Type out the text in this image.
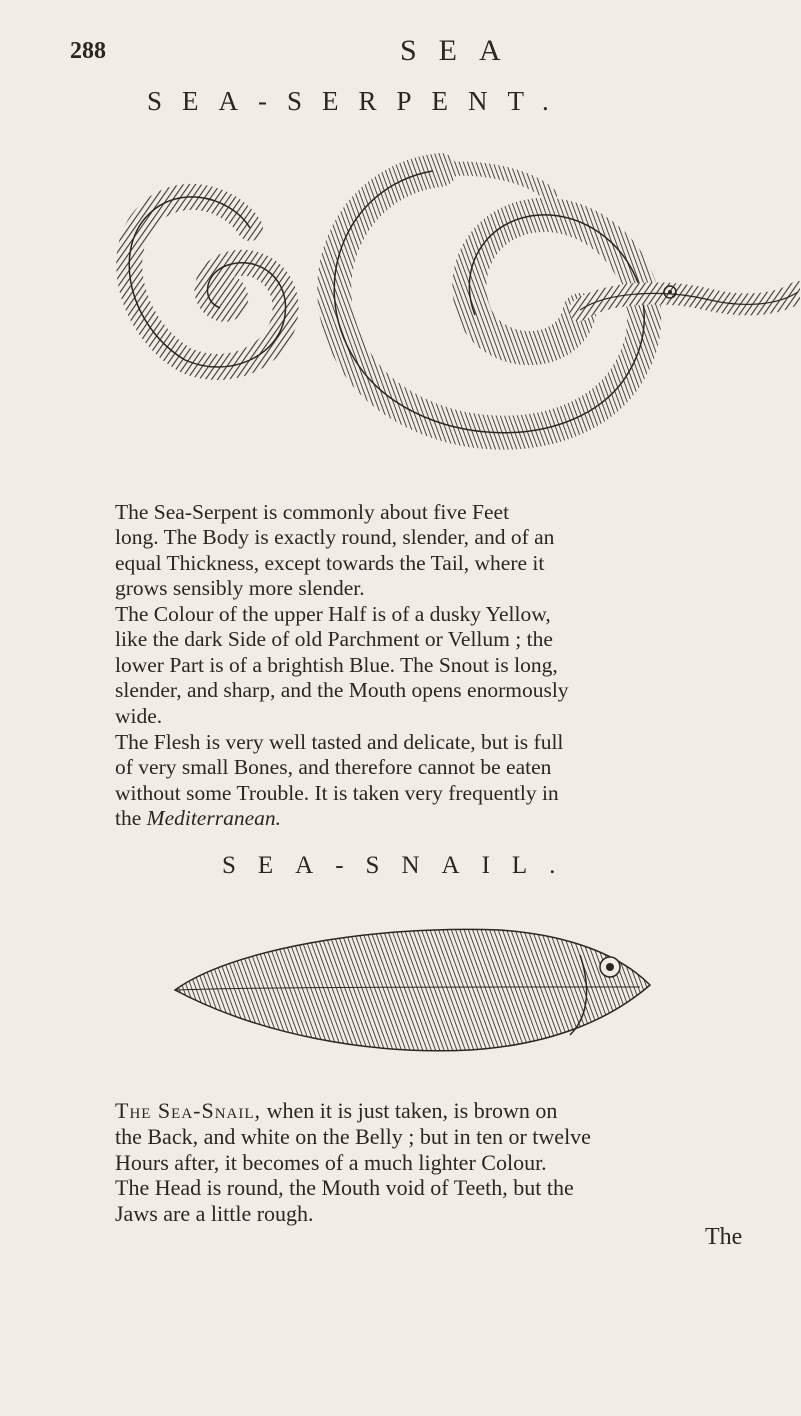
288	SEA
SEA-SERPENT.

The Sea-Serpent is commonly about five Feet
long. The Body is exactly round, slender, and of an
equal Thickness, except towards the Tail, where it
grows sensibly more slender.

The Colour of the upper Half is of a dusky Yellow,
like the dark Side of old Parchment or Vellum ; the
lower Part is of a brightish Blue. The Snout is long,
slender, and sharp, and the Mouth opens enormously
wide.

The Flesh is very well tasted and delicate, but is full
of very small Bones, and therefore cannot be eaten
without some Trouble. It is taken very frequently in
the Mediterranean.

SEA-SNAIL.

The Sea-Snail, when it is just taken, is brown on
the Back, and white on the Belly ; but in ten or twelve
Hours after, it becomes of a much lighter Colour.
The Head is round, the Mouth void of Teeth, but the
Jaws are a little rough.

The
